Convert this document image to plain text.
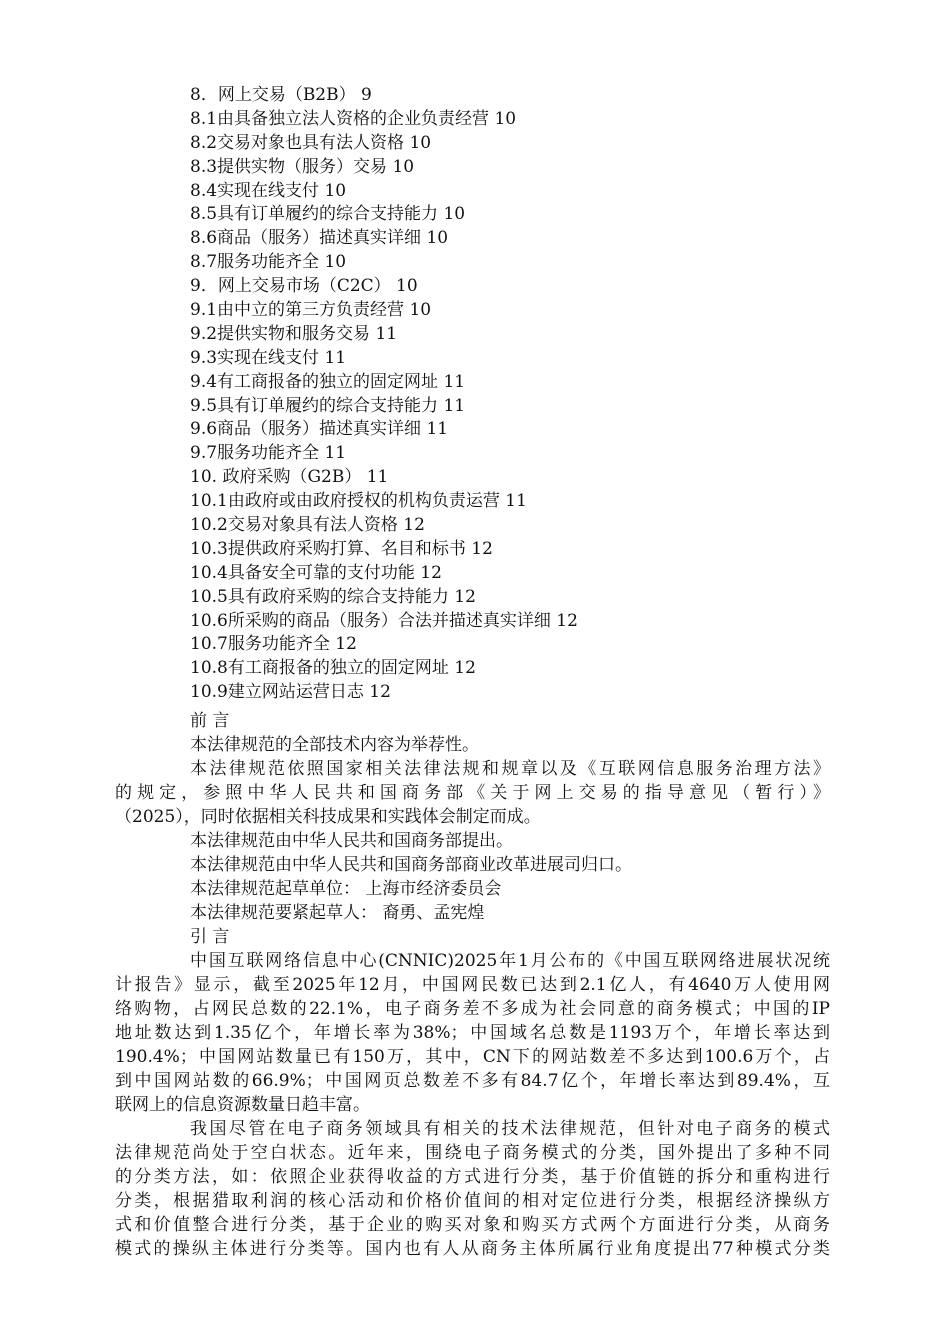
8．网上交易（B2B） 9
8.1由具备独立法人资格的企业负责经营 10
8.2交易对象也具有法人资格 10
8.3提供实物（服务）交易 10
8.4实现在线支付 10
8.5具有订单履约的综合支持能力 10
8.6商品（服务）描述真实详细 10
8.7服务功能齐全 10
9．网上交易市场（C2C） 10
9.1由中立的第三方负责经营 10
9.2提供实物和服务交易 11
9.3实现在线支付 11
9.4有工商报备的独立的固定网址 11
9.5具有订单履约的综合支持能力 11
9.6商品（服务）描述真实详细 11
9.7服务功能齐全 11
10. 政府采购（G2B） 11
10.1由政府或由政府授权的机构负责运营 11
10.2交易对象具有法人资格 12
10.3提供政府采购打算、名目和标书 12
10.4具备安全可靠的支付功能 12
10.5具有政府采购的综合支持能力 12
10.6所采购的商品（服务）合法并描述真实详细 12
10.7服务功能齐全 12
10.8有工商报备的独立的固定网址 12
10.9建立网站运营日志 12
前 言
本法律规范的全部技术内容为举荐性。
本法律规范依照国家相关法律法规和规章以及《互联网信息服务治理方法》
的规定，参照中华人民共和国商务部《关于网上交易的指导意见（暂行）》
（2025），同时依据相关科技成果和实践体会制定而成。
本法律规范由中华人民共和国商务部提出。
本法律规范由中华人民共和国商务部商业改革进展司归口。
本法律规范起草单位： 上海市经济委员会
本法律规范要紧起草人： 裔勇、孟宪煌
引 言
中国互联网络信息中心(CNNIC)2025年1月公布的《中国互联网络进展状况统
计报告》显示，截至2025年12月，中国网民数已达到2.1亿人，有4640万人使用网
络购物，占网民总数的22.1%，电子商务差不多成为社会同意的商务模式；中国的IP
地址数达到1.35亿个，年增长率为38%；中国域名总数是1193万个，年增长率达到
190.4%；中国网站数量已有150万，其中，CN下的网站数差不多达到100.6万个，占
到中国网站数的66.9%；中国网页总数差不多有84.7亿个，年增长率达到89.4%，互
联网上的信息资源数量日趋丰富。
我国尽管在电子商务领域具有相关的技术法律规范，但针对电子商务的模式
法律规范尚处于空白状态。近年来，围绕电子商务模式的分类，国外提出了多种不同
的分类方法，如：依照企业获得收益的方式进行分类，基于价值链的拆分和重构进行
分类，根据猎取利润的核心活动和价格价值间的相对定位进行分类，根据经济操纵方
式和价值整合进行分类，基于企业的购买对象和购买方式两个方面进行分类，从商务
模式的操纵主体进行分类等。国内也有人从商务主体所属行业角度提出77种模式分类
